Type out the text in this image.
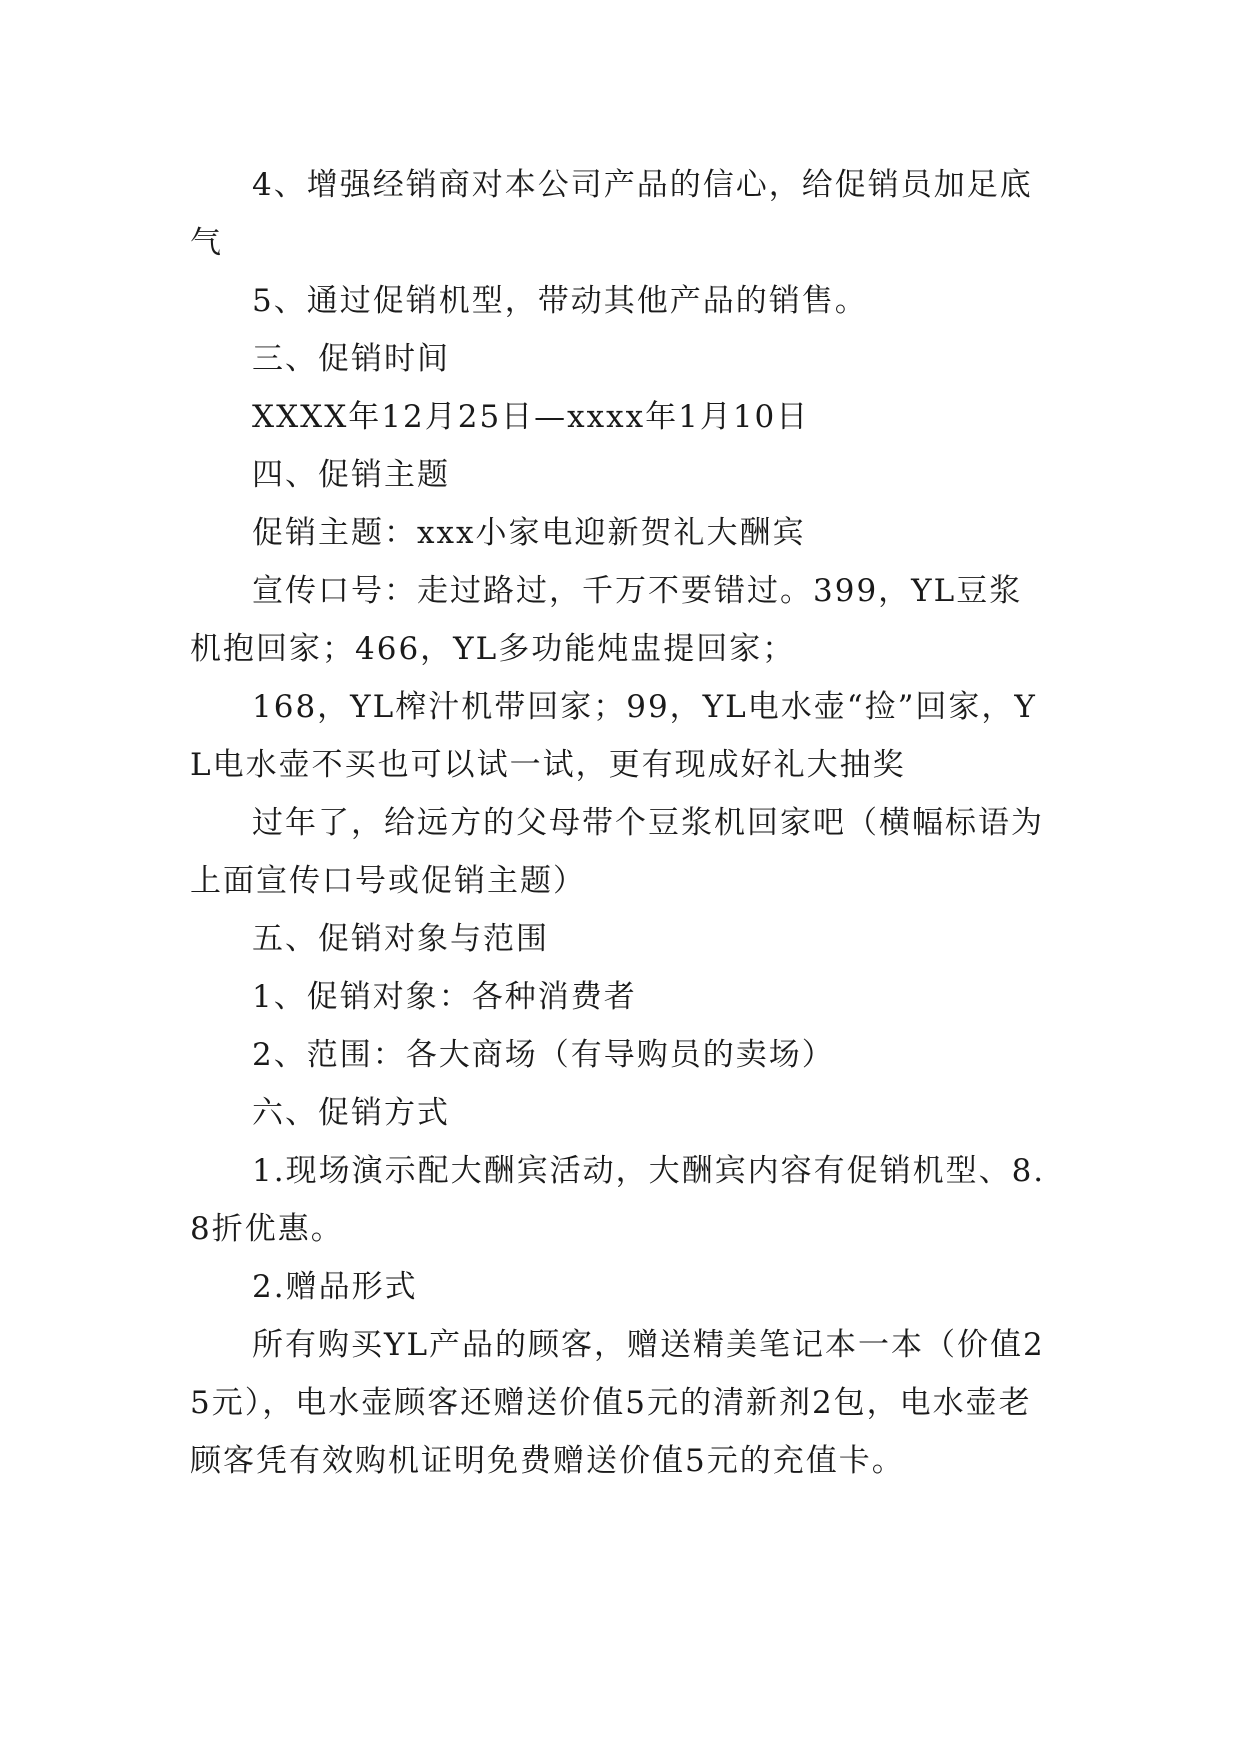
4、增强经销商对本公司产品的信心，给促销员加足底气

5、通过促销机型，带动其他产品的销售。

三、促销时间

XXXX年12月25日—xxxx年1月10日

四、促销主题

促销主题：xxx小家电迎新贺礼大酬宾

宣传口号：走过路过，千万不要错过。399，YL豆浆机抱回家；466，YL多功能炖盅提回家；

168，YL榨汁机带回家；99，YL电水壶“捡”回家，YL电水壶不买也可以试一试，更有现成好礼大抽奖

过年了，给远方的父母带个豆浆机回家吧（横幅标语为上面宣传口号或促销主题）

五、促销对象与范围

1、促销对象：各种消费者

2、范围：各大商场（有导购员的卖场）

六、促销方式

1.现场演示配大酬宾活动，大酬宾内容有促销机型、8.8折优惠。

2.赠品形式

所有购买YL产品的顾客，赠送精美笔记本一本（价值25元），电水壶顾客还赠送价值5元的清新剂2包，电水壶老顾客凭有效购机证明免费赠送价值5元的充值卡。
